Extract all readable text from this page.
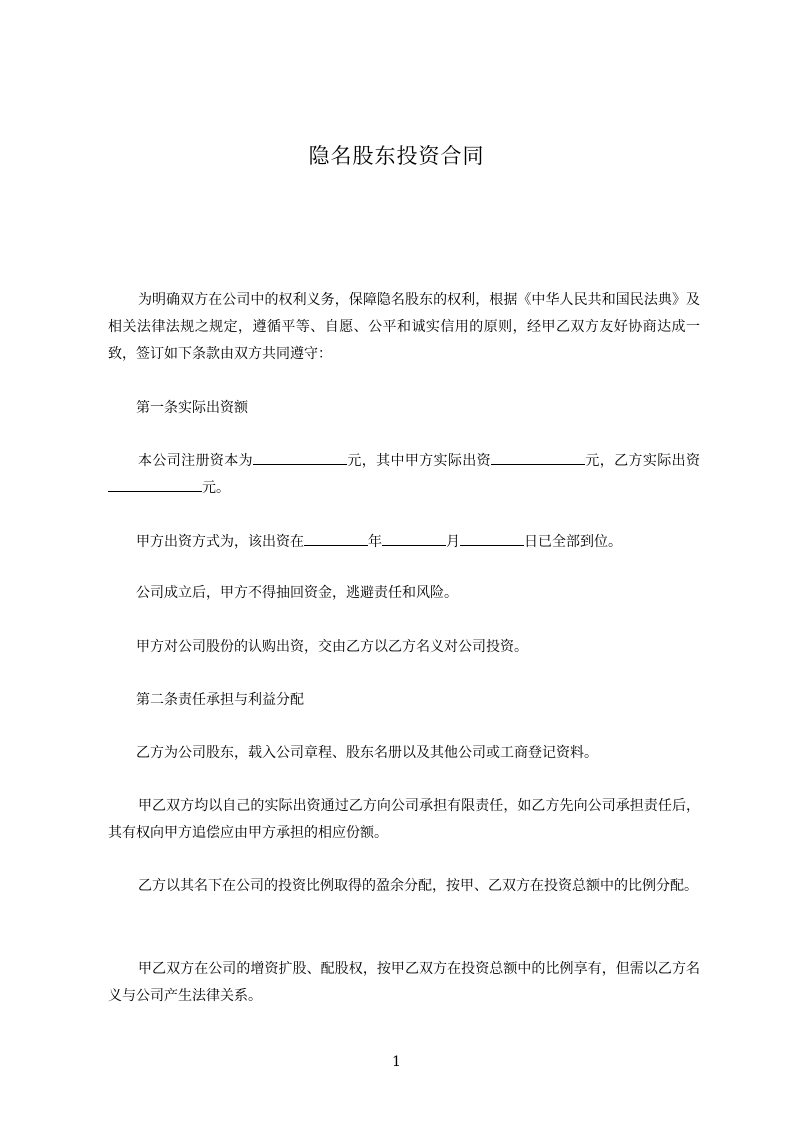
隐名股东投资合同

为明确双方在公司中的权利义务，保障隐名股东的权利，根据《中华人民共和国民法典》及相关法律法规之规定，遵循平等、自愿、公平和诚实信用的原则，经甲乙双方友好协商达成一致，签订如下条款由双方共同遵守：

第一条实际出资额

本公司注册资本为	元，其中甲方实际出资	元，乙方实际出资元。

甲方出资方式为，该出资在	年	月	日已全部到位。

公司成立后，甲方不得抽回资金，逃避责任和风险。

甲方对公司股份的认购出资，交由乙方以乙方名义对公司投资。

第二条责任承担与利益分配

乙方为公司股东，载入公司章程、股东名册以及其他公司或工商登记资料。

甲乙双方均以自己的实际出资通过乙方向公司承担有限责任，如乙方先向公司承担责任后，其有权向甲方追偿应由甲方承担的相应份额。

乙方以其名下在公司的投资比例取得的盈余分配，按甲、乙双方在投资总额中的比例分配。

甲乙双方在公司的增资扩股、配股权，按甲乙双方在投资总额中的比例享有，但需以乙方名义与公司产生法律关系。

1
